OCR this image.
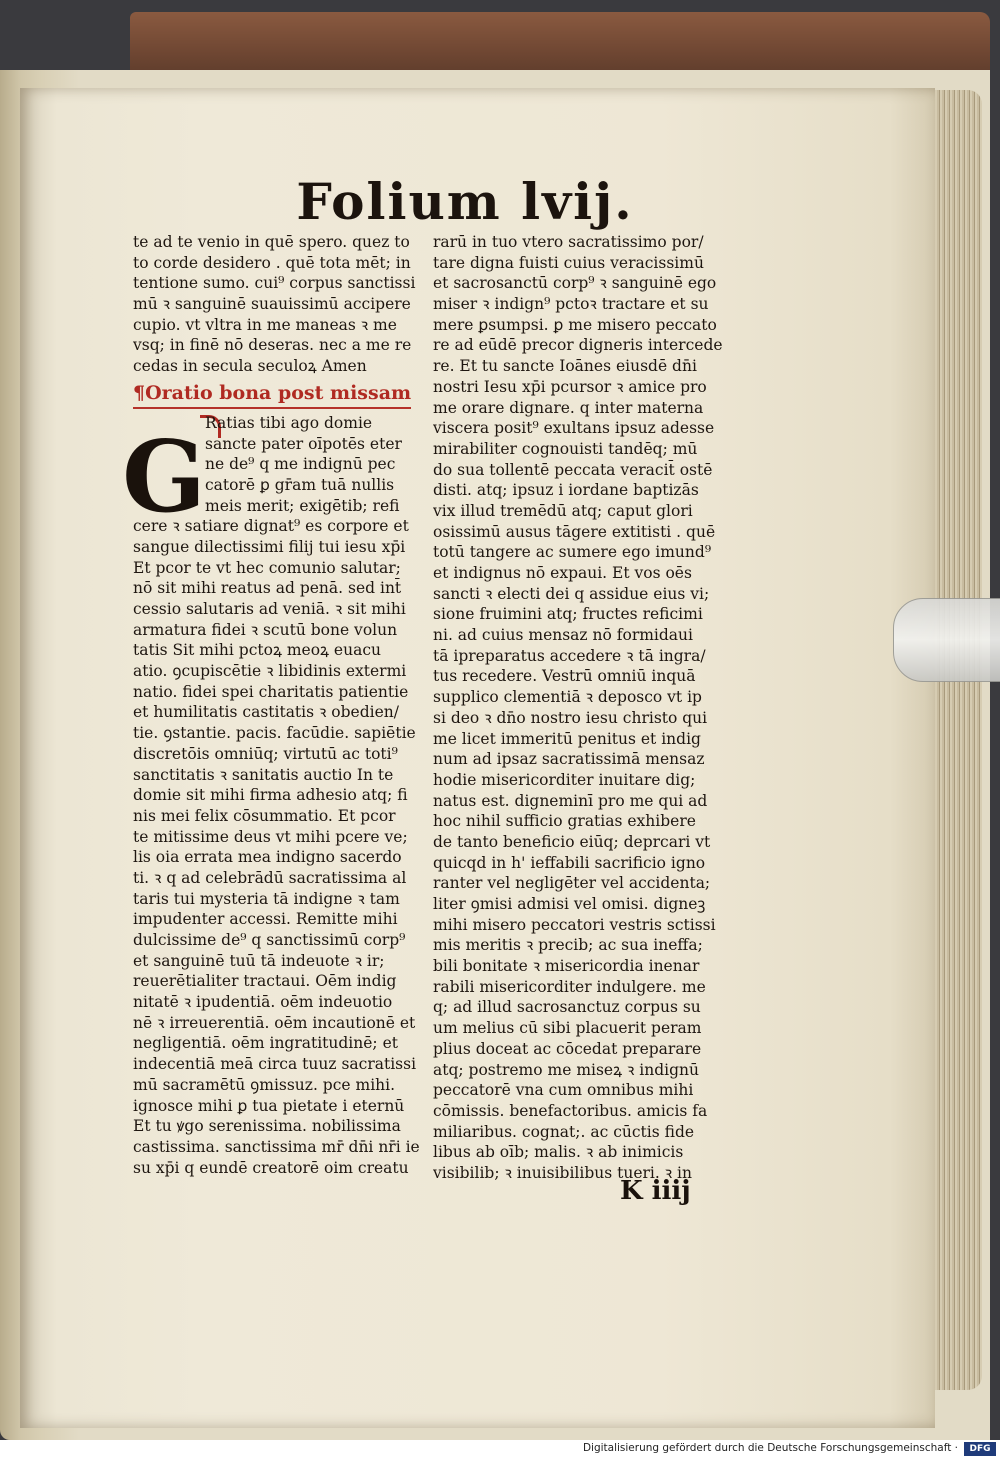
Folium lvij.
G
te ad te venio in quē spero. quez to
to corde desidero . quē tota mēt; in
tentione sumo. cui⁹ corpus sanctissi
mū ꝛ sanguinē suauissimū accipere
cupio. vt vltra in me maneas ꝛ me
vsq; in finē nō deseras. nec a me re
cedas in secula seculoꝝ Amen
¶Oratio bona post missam
Ratias tibi ago domie
sancte pater oīpotēs eter
ne de⁹ q me indignū pec
catorē ꝑ gr̄am tuā nullis
meis merit; exigētib; refi
cere ꝛ satiare dignat⁹ es corpore et
sangue dilectissimi filij tui iesu xp̄i
Et pcor te vt hec comunio salutar;
nō sit mihi reatus ad penā. sed int̄
cessio salutaris ad veniā. ꝛ sit mihi
armatura fidei ꝛ scutū bone volun
tatis Sit mihi pctoꝝ meoꝝ euacu
atio. ꝯcupiscētie ꝛ libidinis extermi
natio. fidei spei charitatis patientie
et humilitatis castitatis ꝛ obedien/
tie. ꝯstantie. pacis. facūdie. sapiētie
discretōis omniūq; virtutū ac toti⁹
sanctitatis ꝛ sanitatis auctio In te
domie sit mihi firma adhesio atq; fi
nis mei felix cōsummatio. Et pcor
te mitissime deus vt mihi pcere ve;
lis oia errata mea indigno sacerdo
ti. ꝛ q ad celebrādū sacratissima al
taris tui mysteria tā indigne ꝛ tam
impudenter accessi. Remitte mihi
dulcissime de⁹ q sanctissimū corp⁹
et sanguinē tuū tā indeuote ꝛ ir;
reuerētialiter tractaui. Oēm indig
nitatē ꝛ ipudentiā. oēm indeuotio
nē ꝛ irreuerentiā. oēm incautionē et
negligentiā. oēm ingratitudinē; et
indecentiā meā circa tuuz sacratissi
mū sacramētū ꝯmissuz. pce mihi.
ignosce mihi ꝑ tua pietate i eternū
Et tu ꝟgo serenissima. nobilissima
castissima. sanctissima mr̄ dn̄i nr̄i ie
su xp̄i q eundē creatorē oim creatu
rarū in tuo vtero sacratissimo por/
tare digna fuisti cuius veracissimū
et sacrosanctū corp⁹ ꝛ sanguinē ego
miser ꝛ indign⁹ pctoꝛ tractare et su
mere ꝑsumpsi. ꝑ me misero peccato
re ad eūdē precor digneris intercede
re. Et tu sancte Ioānes eiusdē dn̄i
nostri Iesu xp̄i pcursor ꝛ amice pro
me orare dignare. q inter materna
viscera posit⁹ exultans ipsuz adesse
mirabiliter cognouisti tandēq; mū
do sua tollentē peccata veracit̄ ostē
disti. atq; ipsuz i iordane baptizās
vix illud tremēdū atq; caput glori
osissimū ausus tāgere extitisti . quē
totū tangere ac sumere ego imund⁹
et indignus nō expaui. Et vos oēs
sancti ꝛ electi dei q assidue eius vi;
sione fruimini atq; fructes reficimi
ni. ad cuius mensaz nō formidaui
tā ipreparatus accedere ꝛ tā ingra/
tus recedere. Vestrū omniū inquā
supplico clementiā ꝛ deposco vt ip
si deo ꝛ dn̄o nostro iesu christo qui
me licet immeritū penitus et indig
num ad ipsaz sacratissimā mensaz
hodie misericorditer inuitare dig;
natus est. digneminī pro me qui ad
hoc nihil sufficio gratias exhibere
de tanto beneficio eiūq; deprcari vt
quicqd in h' ieffabili sacrificio igno
ranter vel negligēter vel accidenta;
liter ꝯmisi admisi vel omisi. digneꝫ
mihi misero peccatori vestris sctissi
mis meritis ꝛ precib; ac sua ineffa;
bili bonitate ꝛ misericordia inenar
rabili misericorditer indulgere. me
q; ad illud sacrosanctuz corpus su
um melius cū sibi placuerit peram
plius doceat ac cōcedat preparare
atq; postremo me miseꝝ ꝛ indignū
peccatorē vna cum omnibus mihi
cōmissis. benefactoribus. amicis fa
miliaribus. cognat;. ac cūctis fide
libus ab oīb; malis. ꝛ ab inimicis
visibilib; ꝛ inuisibilibus tueri. ꝛ in
K iiij
Digitalisierung gefördert durch die Deutsche Forschungsgemeinschaft ·	DFG
